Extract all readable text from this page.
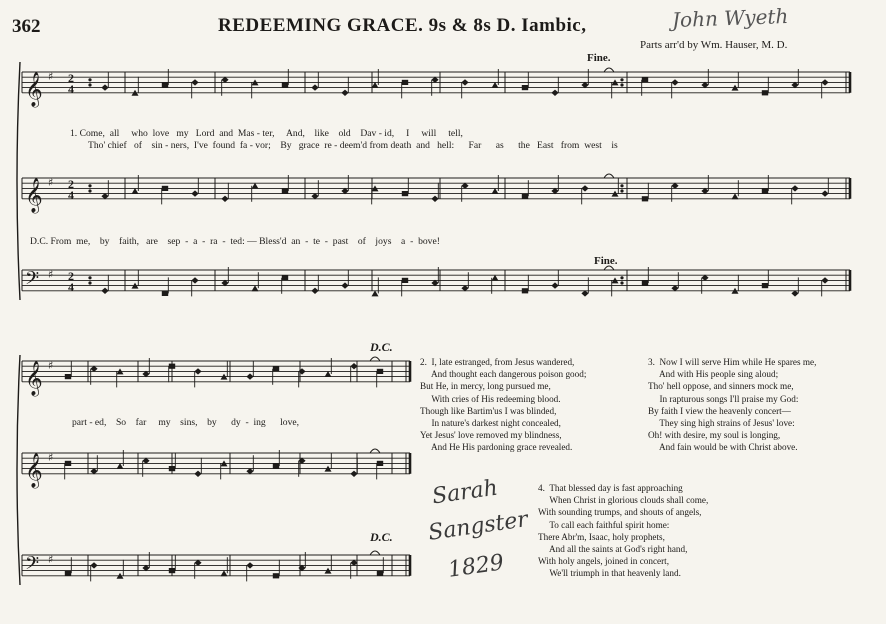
362	REDEEMING GRACE. 9s & 8s D. Iambic,	John Wyeth
Parts arr'd by Wm. Hauser, M. D.
Fine.
Fine.
D.C.
D.C.
1. Come,  all     who  love   my   Lord  and  Mas - ter,     And,    like    old    Dav - id,     I     will     tell,
Tho' chief   of    sin - ners,  I've  found  fa - vor;    By   grace  re - deem'd from death  and   hell:      Far      as      the   East   from  west    is
D.C. From  me,    by    faith,   are    sep  -  a  -  ra  -  ted: — Bless'd  an  -  te  -  past    of    joys    a  -  bove!
part - ed,    So    far     my    sins,    by      dy  -  ing      love,
2.  I, late estranged, from Jesus wandered,
And thought each dangerous poison good;
But He, in mercy, long pursued me,
With cries of His redeeming blood.
Though like Bartim'us I was blinded,
In nature's darkest night concealed,
Yet Jesus' love removed my blindness,
And He His pardoning grace revealed.
3.  Now I will serve Him while He spares me,
And with His people sing aloud;
Tho' hell oppose, and sinners mock me,
In rapturous songs I'll praise my God:
By faith I view the heavenly concert—
They sing high strains of Jesus' love:
Oh! with desire, my soul is longing,
And fain would be with Christ above.
4.  That blessed day is fast approaching
When Christ in glorious clouds shall come,
With sounding trumps, and shouts of angels,
To call each faithful spirit home:
There Abr'm, Isaac, holy prophets,
And all the saints at God's right hand,
With holy angels, joined in concert,
We'll triumph in that heavenly land.
Sarah
Sangster
1829
𝄞 ♯ 2
4
𝄞 ♯ 2
4
𝄢 ♯ 2
4
𝄞 ♯
𝄞 ♯
𝄢 ♯
